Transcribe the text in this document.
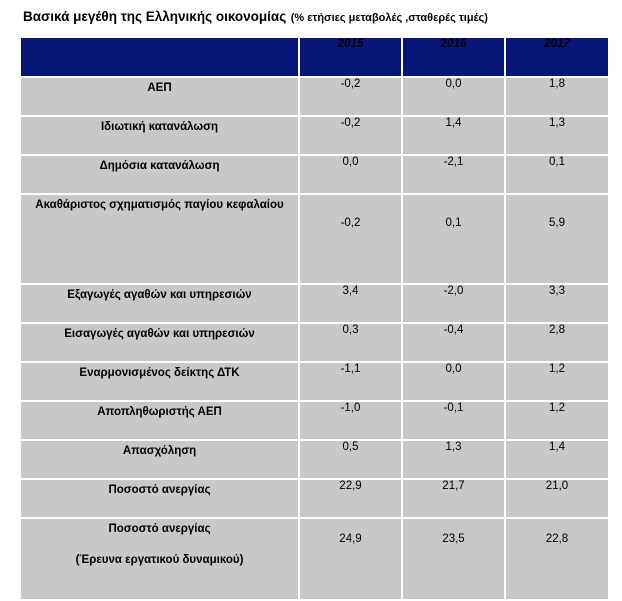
Βασικά μεγέθη της Ελληνικής οικονομίας (% ετήσιες μεταβολές ,σταθερές τιμές)
	2015	2016	2017
ΑΕΠ	-0,2	0,0	1,8
Ιδιωτική κατανάλωση	-0,2	1,4	1,3
Δημόσια κατανάλωση	0,0	-2,1	0,1
Ακαθάριστος σχηματισμός παγίου κεφαλαίου	-0,2	0,1	5,9
Εξαγωγές αγαθών και υπηρεσιών	3,4	-2,0	3,3
Εισαγωγές αγαθών και υπηρεσιών	0,3	-0,4	2,8
Εναρμονισμένος δείκτης ΔΤΚ	-1,1	0,0	1,2
Αποπληθωριστής ΑΕΠ	-1,0	-0,1	1,2
Απασχόληση	0,5	1,3	1,4
Ποσοστό ανεργίας	22,9	21,7	21,0

Ποσοστό ανεργίας
(Έρευνα εργατικού δυναμικού)	24,9	23,5	22,8
